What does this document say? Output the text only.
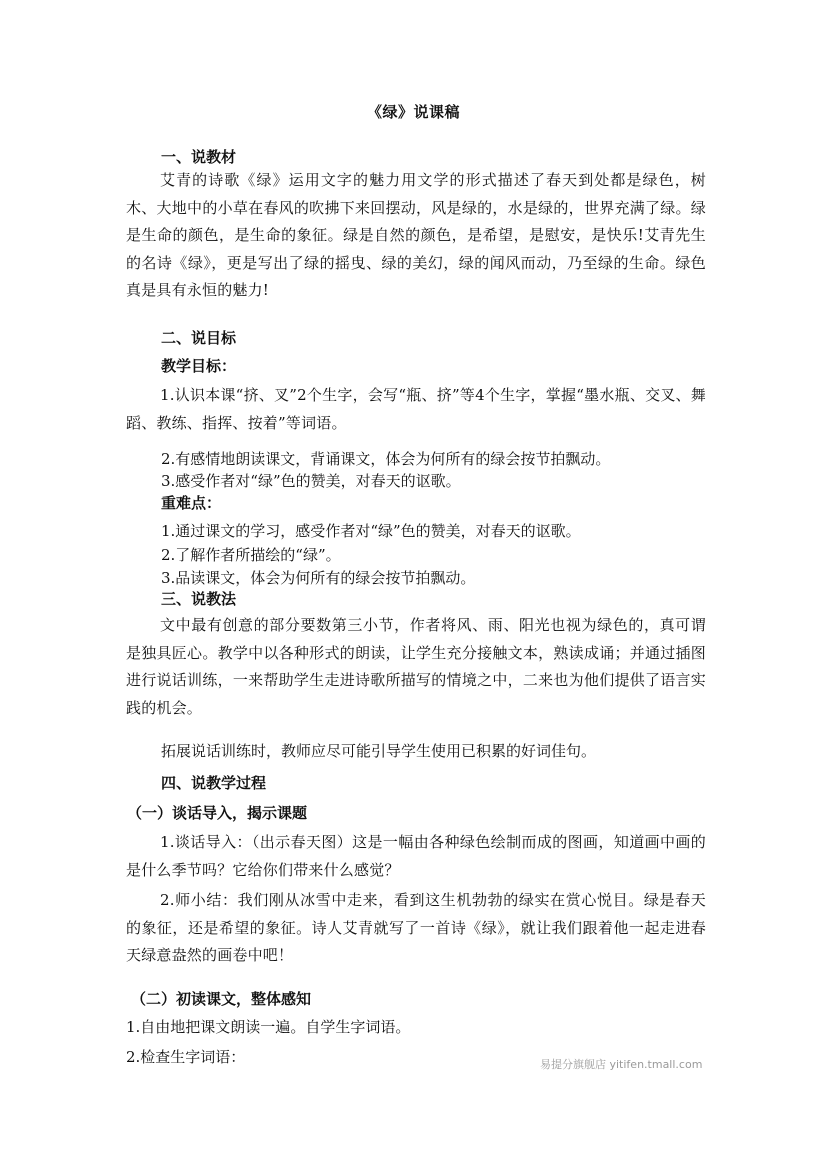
《绿》说课稿
一、说教材
艾青的诗歌《绿》运用文字的魅力用文学的形式描述了春天到处都是绿色，树木、大地中的小草在春风的吹拂下来回摆动，风是绿的，水是绿的，世界充满了绿。绿是生命的颜色，是生命的象征。绿是自然的颜色，是希望，是慰安，是快乐!艾青先生的名诗《绿》，更是写出了绿的摇曳、绿的美幻，绿的闻风而动，乃至绿的生命。绿色真是具有永恒的魅力!
二、说目标
教学目标：
1.认识本课“挤、叉”2个生字，会写“瓶、挤”等4个生字，掌握“墨水瓶、交叉、舞蹈、教练、指挥、按着”等词语。
2.有感情地朗读课文，背诵课文，体会为何所有的绿会按节拍飘动。
3.感受作者对“绿”色的赞美，对春天的讴歌。
重难点：
1.通过课文的学习，感受作者对“绿”色的赞美，对春天的讴歌。
2.了解作者所描绘的“绿”。
3.品读课文，体会为何所有的绿会按节拍飘动。
三、说教法
文中最有创意的部分要数第三小节，作者将风、雨、阳光也视为绿色的，真可谓是独具匠心。教学中以各种形式的朗读，让学生充分接触文本，熟读成诵；并通过插图进行说话训练，一来帮助学生走进诗歌所描写的情境之中，二来也为他们提供了语言实践的机会。
拓展说话训练时，教师应尽可能引导学生使用已积累的好词佳句。
四、说教学过程
（一）谈话导入，揭示课题
1.谈话导入：（出示春天图）这是一幅由各种绿色绘制而成的图画，知道画中画的是什么季节吗？它给你们带来什么感觉？
2.师小结：我们刚从冰雪中走来，看到这生机勃勃的绿实在赏心悦目。绿是春天的象征，还是希望的象征。诗人艾青就写了一首诗《绿》，就让我们跟着他一起走进春天绿意盎然的画卷中吧！
（二）初读课文，整体感知
1.自由地把课文朗读一遍。自学生字词语。
2.检查生字词语：	易提分旗舰店 yitifen.tmall.com
